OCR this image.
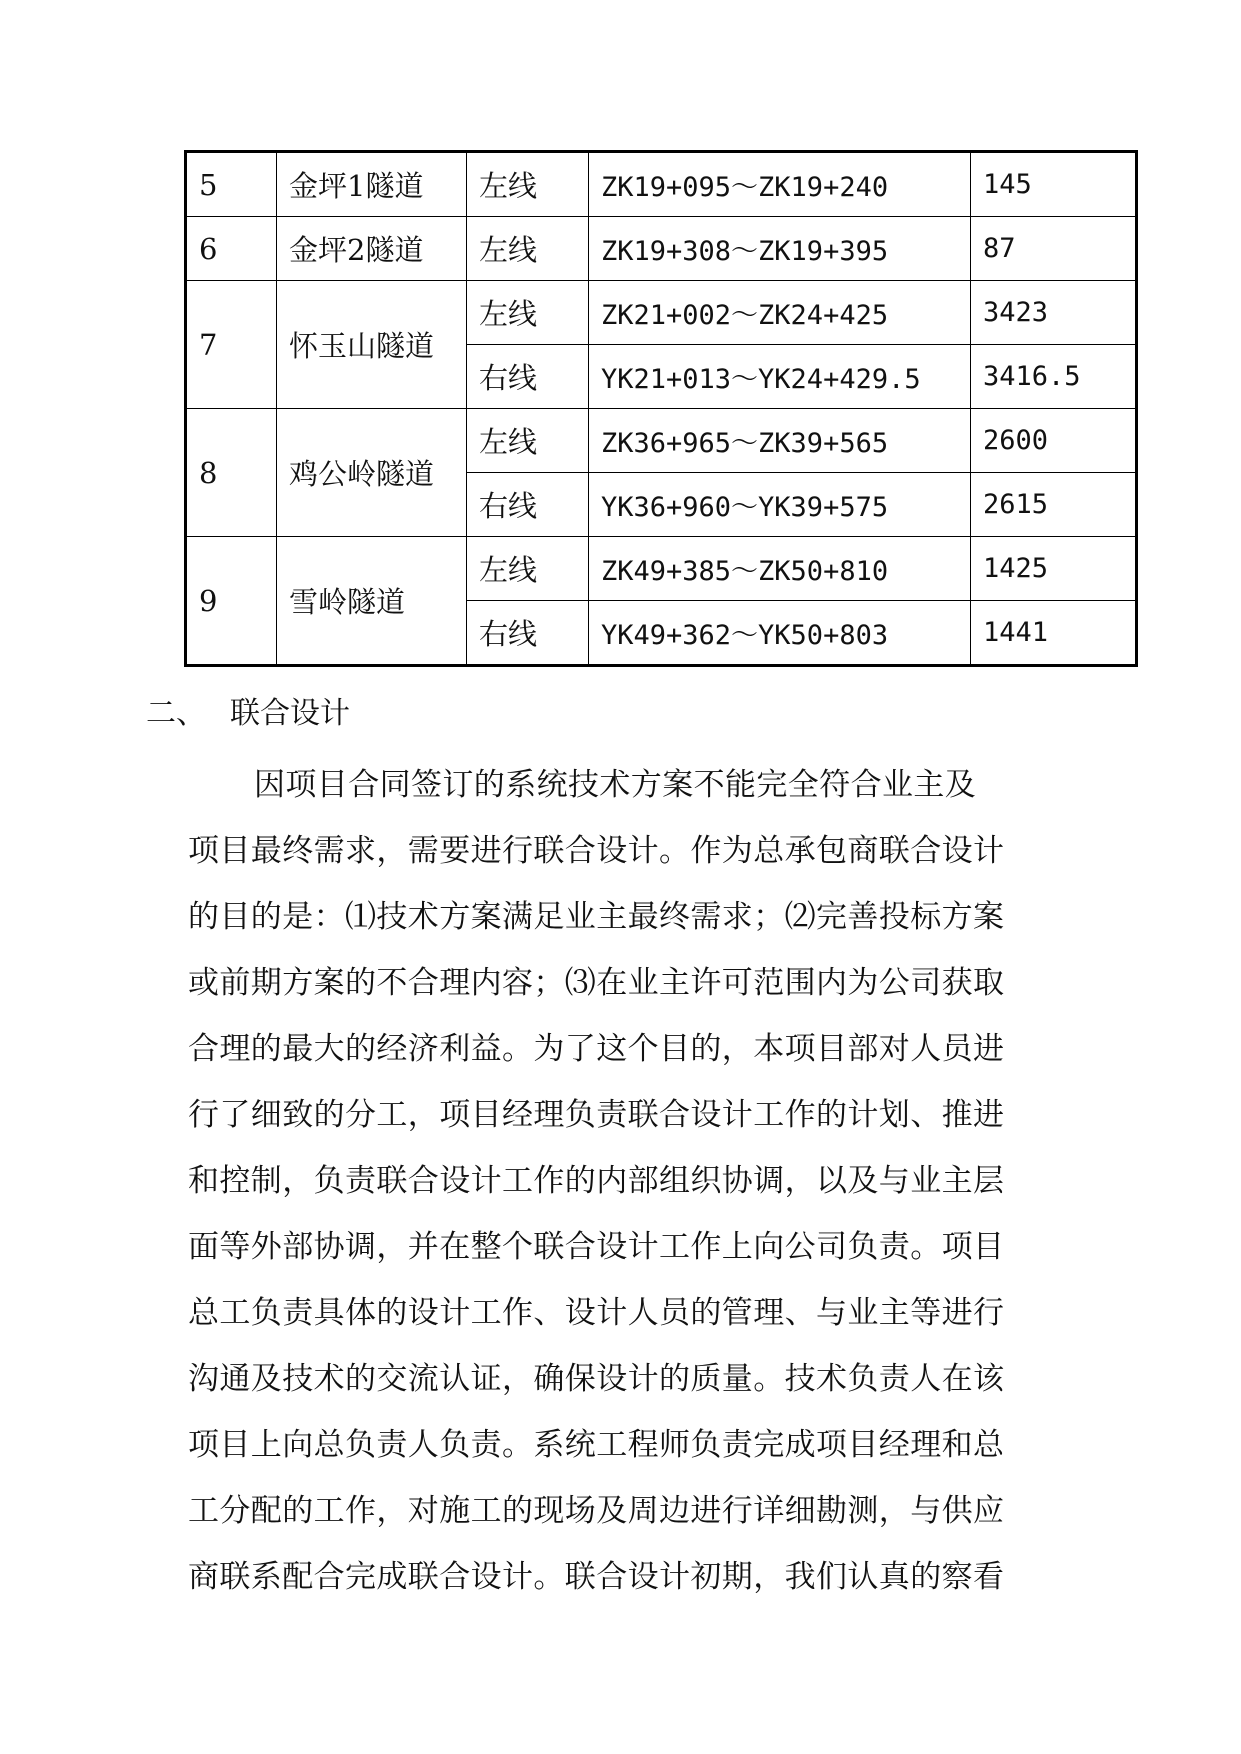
5	金坪1隧道	左线	ZK19+095～ZK19+240	145
6	金坪2隧道	左线	ZK19+308～ZK19+395	87
7	怀玉山隧道	左线	ZK21+002～ZK24+425	3423
		右线	YK21+013～YK24+429.5	3416.5
8	鸡公岭隧道	左线	ZK36+965～ZK39+565	2600
		右线	YK36+960～YK39+575	2615
9	雪岭隧道	左线	ZK49+385～ZK50+810	1425
		右线	YK49+362～YK50+803	1441
二、 联合设计
因项目合同签订的系统技术方案不能完全符合业主及
项目最终需求，需要进行联合设计。作为总承包商联合设计
的目的是：⑴技术方案满足业主最终需求；⑵完善投标方案
或前期方案的不合理内容；⑶在业主许可范围内为公司获取
合理的最大的经济利益。为了这个目的，本项目部对人员进
行了细致的分工，项目经理负责联合设计工作的计划、推进
和控制，负责联合设计工作的内部组织协调，以及与业主层
面等外部协调，并在整个联合设计工作上向公司负责。项目
总工负责具体的设计工作、设计人员的管理、与业主等进行
沟通及技术的交流认证，确保设计的质量。技术负责人在该
项目上向总负责人负责。系统工程师负责完成项目经理和总
工分配的工作，对施工的现场及周边进行详细勘测，与供应
商联系配合完成联合设计。联合设计初期，我们认真的察看
